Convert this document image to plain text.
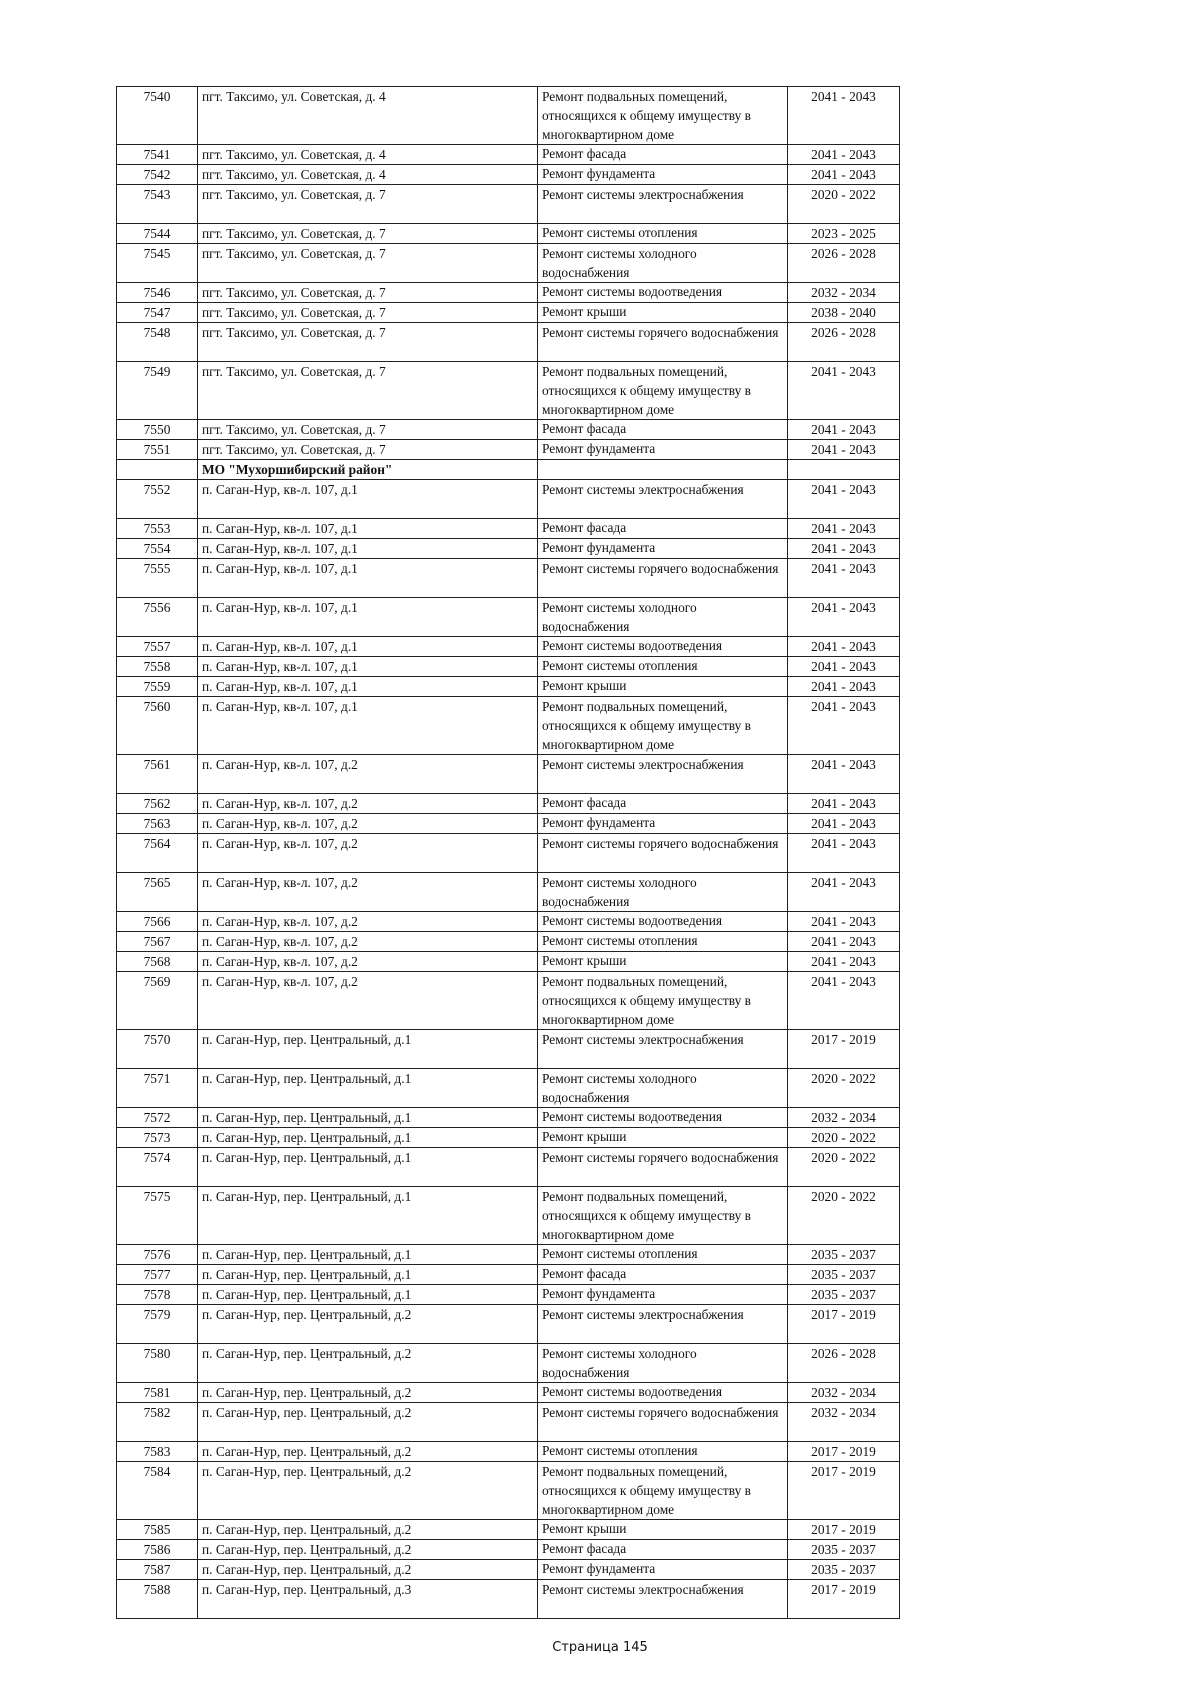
7540	пгт. Таксимо, ул. Советская, д. 4	Ремонт подвальных помещений, относящихся к общему имуществу в многоквартирном доме	2041 - 2043
7541	пгт. Таксимо, ул. Советская, д. 4	Ремонт фасада	2041 - 2043
7542	пгт. Таксимо, ул. Советская, д. 4	Ремонт фундамента	2041 - 2043
7543	пгт. Таксимо, ул. Советская, д. 7	Ремонт системы электроснабжения	2020 - 2022
7544	пгт. Таксимо, ул. Советская, д. 7	Ремонт системы отопления	2023 - 2025
7545	пгт. Таксимо, ул. Советская, д. 7	Ремонт системы холодного водоснабжения	2026 - 2028
7546	пгт. Таксимо, ул. Советская, д. 7	Ремонт системы водоотведения	2032 - 2034
7547	пгт. Таксимо, ул. Советская, д. 7	Ремонт крыши	2038 - 2040
7548	пгт. Таксимо, ул. Советская, д. 7	Ремонт системы горячего водоснабжения	2026 - 2028
7549	пгт. Таксимо, ул. Советская, д. 7	Ремонт подвальных помещений, относящихся к общему имуществу в многоквартирном доме	2041 - 2043
7550	пгт. Таксимо, ул. Советская, д. 7	Ремонт фасада	2041 - 2043
7551	пгт. Таксимо, ул. Советская, д. 7	Ремонт фундамента	2041 - 2043
	МО "Мухоршибирский район"		
7552	п. Саган-Нур, кв-л. 107, д.1	Ремонт системы электроснабжения	2041 - 2043
7553	п. Саган-Нур, кв-л. 107, д.1	Ремонт фасада	2041 - 2043
7554	п. Саган-Нур, кв-л. 107, д.1	Ремонт фундамента	2041 - 2043
7555	п. Саган-Нур, кв-л. 107, д.1	Ремонт системы горячего водоснабжения	2041 - 2043
7556	п. Саган-Нур, кв-л. 107, д.1	Ремонт системы холодного водоснабжения	2041 - 2043
7557	п. Саган-Нур, кв-л. 107, д.1	Ремонт системы водоотведения	2041 - 2043
7558	п. Саган-Нур, кв-л. 107, д.1	Ремонт системы отопления	2041 - 2043
7559	п. Саган-Нур, кв-л. 107, д.1	Ремонт крыши	2041 - 2043
7560	п. Саган-Нур, кв-л. 107, д.1	Ремонт подвальных помещений, относящихся к общему имуществу в многоквартирном доме	2041 - 2043
7561	п. Саган-Нур, кв-л. 107, д.2	Ремонт системы электроснабжения	2041 - 2043
7562	п. Саган-Нур, кв-л. 107, д.2	Ремонт фасада	2041 - 2043
7563	п. Саган-Нур, кв-л. 107, д.2	Ремонт фундамента	2041 - 2043
7564	п. Саган-Нур, кв-л. 107, д.2	Ремонт системы горячего водоснабжения	2041 - 2043
7565	п. Саган-Нур, кв-л. 107, д.2	Ремонт системы холодного водоснабжения	2041 - 2043
7566	п. Саган-Нур, кв-л. 107, д.2	Ремонт системы водоотведения	2041 - 2043
7567	п. Саган-Нур, кв-л. 107, д.2	Ремонт системы отопления	2041 - 2043
7568	п. Саган-Нур, кв-л. 107, д.2	Ремонт крыши	2041 - 2043
7569	п. Саган-Нур, кв-л. 107, д.2	Ремонт подвальных помещений, относящихся к общему имуществу в многоквартирном доме	2041 - 2043
7570	п. Саган-Нур, пер. Центральный, д.1	Ремонт системы электроснабжения	2017 - 2019
7571	п. Саган-Нур, пер. Центральный, д.1	Ремонт системы холодного водоснабжения	2020 - 2022
7572	п. Саган-Нур, пер. Центральный, д.1	Ремонт системы водоотведения	2032 - 2034
7573	п. Саган-Нур, пер. Центральный, д.1	Ремонт крыши	2020 - 2022
7574	п. Саган-Нур, пер. Центральный, д.1	Ремонт системы горячего водоснабжения	2020 - 2022
7575	п. Саган-Нур, пер. Центральный, д.1	Ремонт подвальных помещений, относящихся к общему имуществу в многоквартирном доме	2020 - 2022
7576	п. Саган-Нур, пер. Центральный, д.1	Ремонт системы отопления	2035 - 2037
7577	п. Саган-Нур, пер. Центральный, д.1	Ремонт фасада	2035 - 2037
7578	п. Саган-Нур, пер. Центральный, д.1	Ремонт фундамента	2035 - 2037
7579	п. Саган-Нур, пер. Центральный, д.2	Ремонт системы электроснабжения	2017 - 2019
7580	п. Саган-Нур, пер. Центральный, д.2	Ремонт системы холодного водоснабжения	2026 - 2028
7581	п. Саган-Нур, пер. Центральный, д.2	Ремонт системы водоотведения	2032 - 2034
7582	п. Саган-Нур, пер. Центральный, д.2	Ремонт системы горячего водоснабжения	2032 - 2034
7583	п. Саган-Нур, пер. Центральный, д.2	Ремонт системы отопления	2017 - 2019
7584	п. Саган-Нур, пер. Центральный, д.2	Ремонт подвальных помещений, относящихся к общему имуществу в многоквартирном доме	2017 - 2019
7585	п. Саган-Нур, пер. Центральный, д.2	Ремонт крыши	2017 - 2019
7586	п. Саган-Нур, пер. Центральный, д.2	Ремонт фасада	2035 - 2037
7587	п. Саган-Нур, пер. Центральный, д.2	Ремонт фундамента	2035 - 2037
7588	п. Саган-Нур, пер. Центральный, д.3	Ремонт системы электроснабжения	2017 - 2019
Страница 145
